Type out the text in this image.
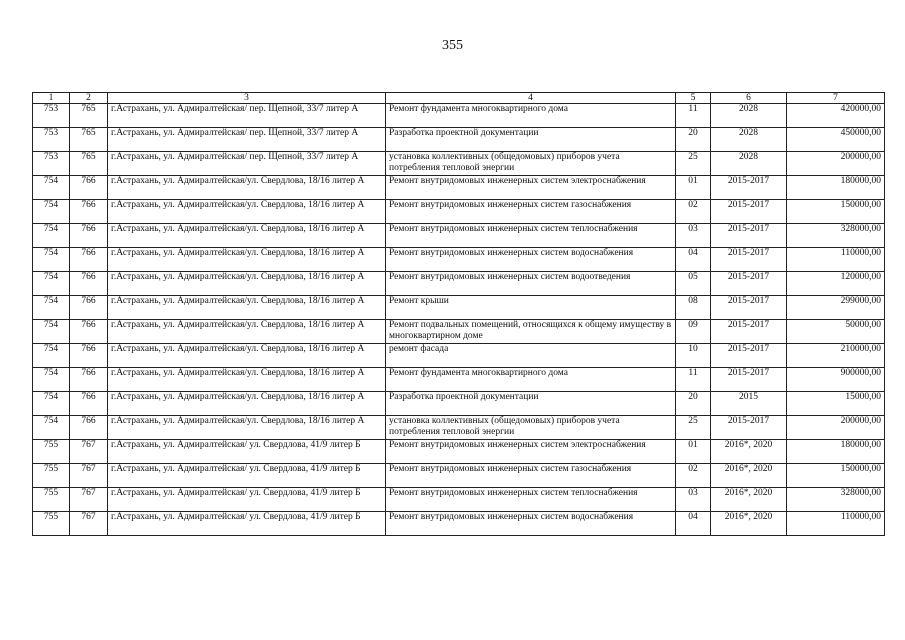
355
1	2	3	4	5	6	7
753	765	г.Астрахань, ул. Адмиралтейская/ пер. Щепной, 33/7 литер А	Ремонт фундамента многоквартирного дома	11	2028	420000,00
753	765	г.Астрахань, ул. Адмиралтейская/ пер. Щепной, 33/7 литер А	Разработка проектной документации	20	2028	450000,00
753	765	г.Астрахань, ул. Адмиралтейская/ пер. Щепной, 33/7 литер А	установка коллективных (общедомовых) приборов учета потребления тепловой энергии	25	2028	200000,00
754	766	г.Астрахань, ул. Адмиралтейская/ул. Свердлова, 18/16 литер А	Ремонт внутридомовых инженерных систем электроснабжения	01	2015-2017	180000,00
754	766	г.Астрахань, ул. Адмиралтейская/ул. Свердлова, 18/16 литер А	Ремонт внутридомовых инженерных систем газоснабжения	02	2015-2017	150000,00
754	766	г.Астрахань, ул. Адмиралтейская/ул. Свердлова, 18/16 литер А	Ремонт внутридомовых инженерных систем теплоснабжения	03	2015-2017	328000,00
754	766	г.Астрахань, ул. Адмиралтейская/ул. Свердлова, 18/16 литер А	Ремонт внутридомовых инженерных систем водоснабжения	04	2015-2017	110000,00
754	766	г.Астрахань, ул. Адмиралтейская/ул. Свердлова, 18/16 литер А	Ремонт внутридомовых инженерных систем водоотведения	05	2015-2017	120000,00
754	766	г.Астрахань, ул. Адмиралтейская/ул. Свердлова, 18/16 литер А	Ремонт крыши	08	2015-2017	299000,00
754	766	г.Астрахань, ул. Адмиралтейская/ул. Свердлова, 18/16 литер А	Ремонт подвальных помещений, относящихся к общему имуществу в многоквартирном доме	09	2015-2017	50000,00
754	766	г.Астрахань, ул. Адмиралтейская/ул. Свердлова, 18/16 литер А	ремонт фасада	10	2015-2017	210000,00
754	766	г.Астрахань, ул. Адмиралтейская/ул. Свердлова, 18/16 литер А	Ремонт фундамента многоквартирного дома	11	2015-2017	900000,00
754	766	г.Астрахань, ул. Адмиралтейская/ул. Свердлова, 18/16 литер А	Разработка проектной документации	20	2015	15000,00
754	766	г.Астрахань, ул. Адмиралтейская/ул. Свердлова, 18/16 литер А	установка коллективных (общедомовых) приборов учета потребления тепловой энергии	25	2015-2017	200000,00
755	767	г.Астрахань, ул. Адмиралтейская/ ул. Свердлова, 41/9 литер Б	Ремонт внутридомовых инженерных систем электроснабжения	01	2016*, 2020	180000,00
755	767	г.Астрахань, ул. Адмиралтейская/ ул. Свердлова, 41/9 литер Б	Ремонт внутридомовых инженерных систем газоснабжения	02	2016*, 2020	150000,00
755	767	г.Астрахань, ул. Адмиралтейская/ ул. Свердлова, 41/9 литер Б	Ремонт внутридомовых инженерных систем теплоснабжения	03	2016*, 2020	328000,00
755	767	г.Астрахань, ул. Адмиралтейская/ ул. Свердлова, 41/9 литер Б	Ремонт внутридомовых инженерных систем водоснабжения	04	2016*, 2020	110000,00
